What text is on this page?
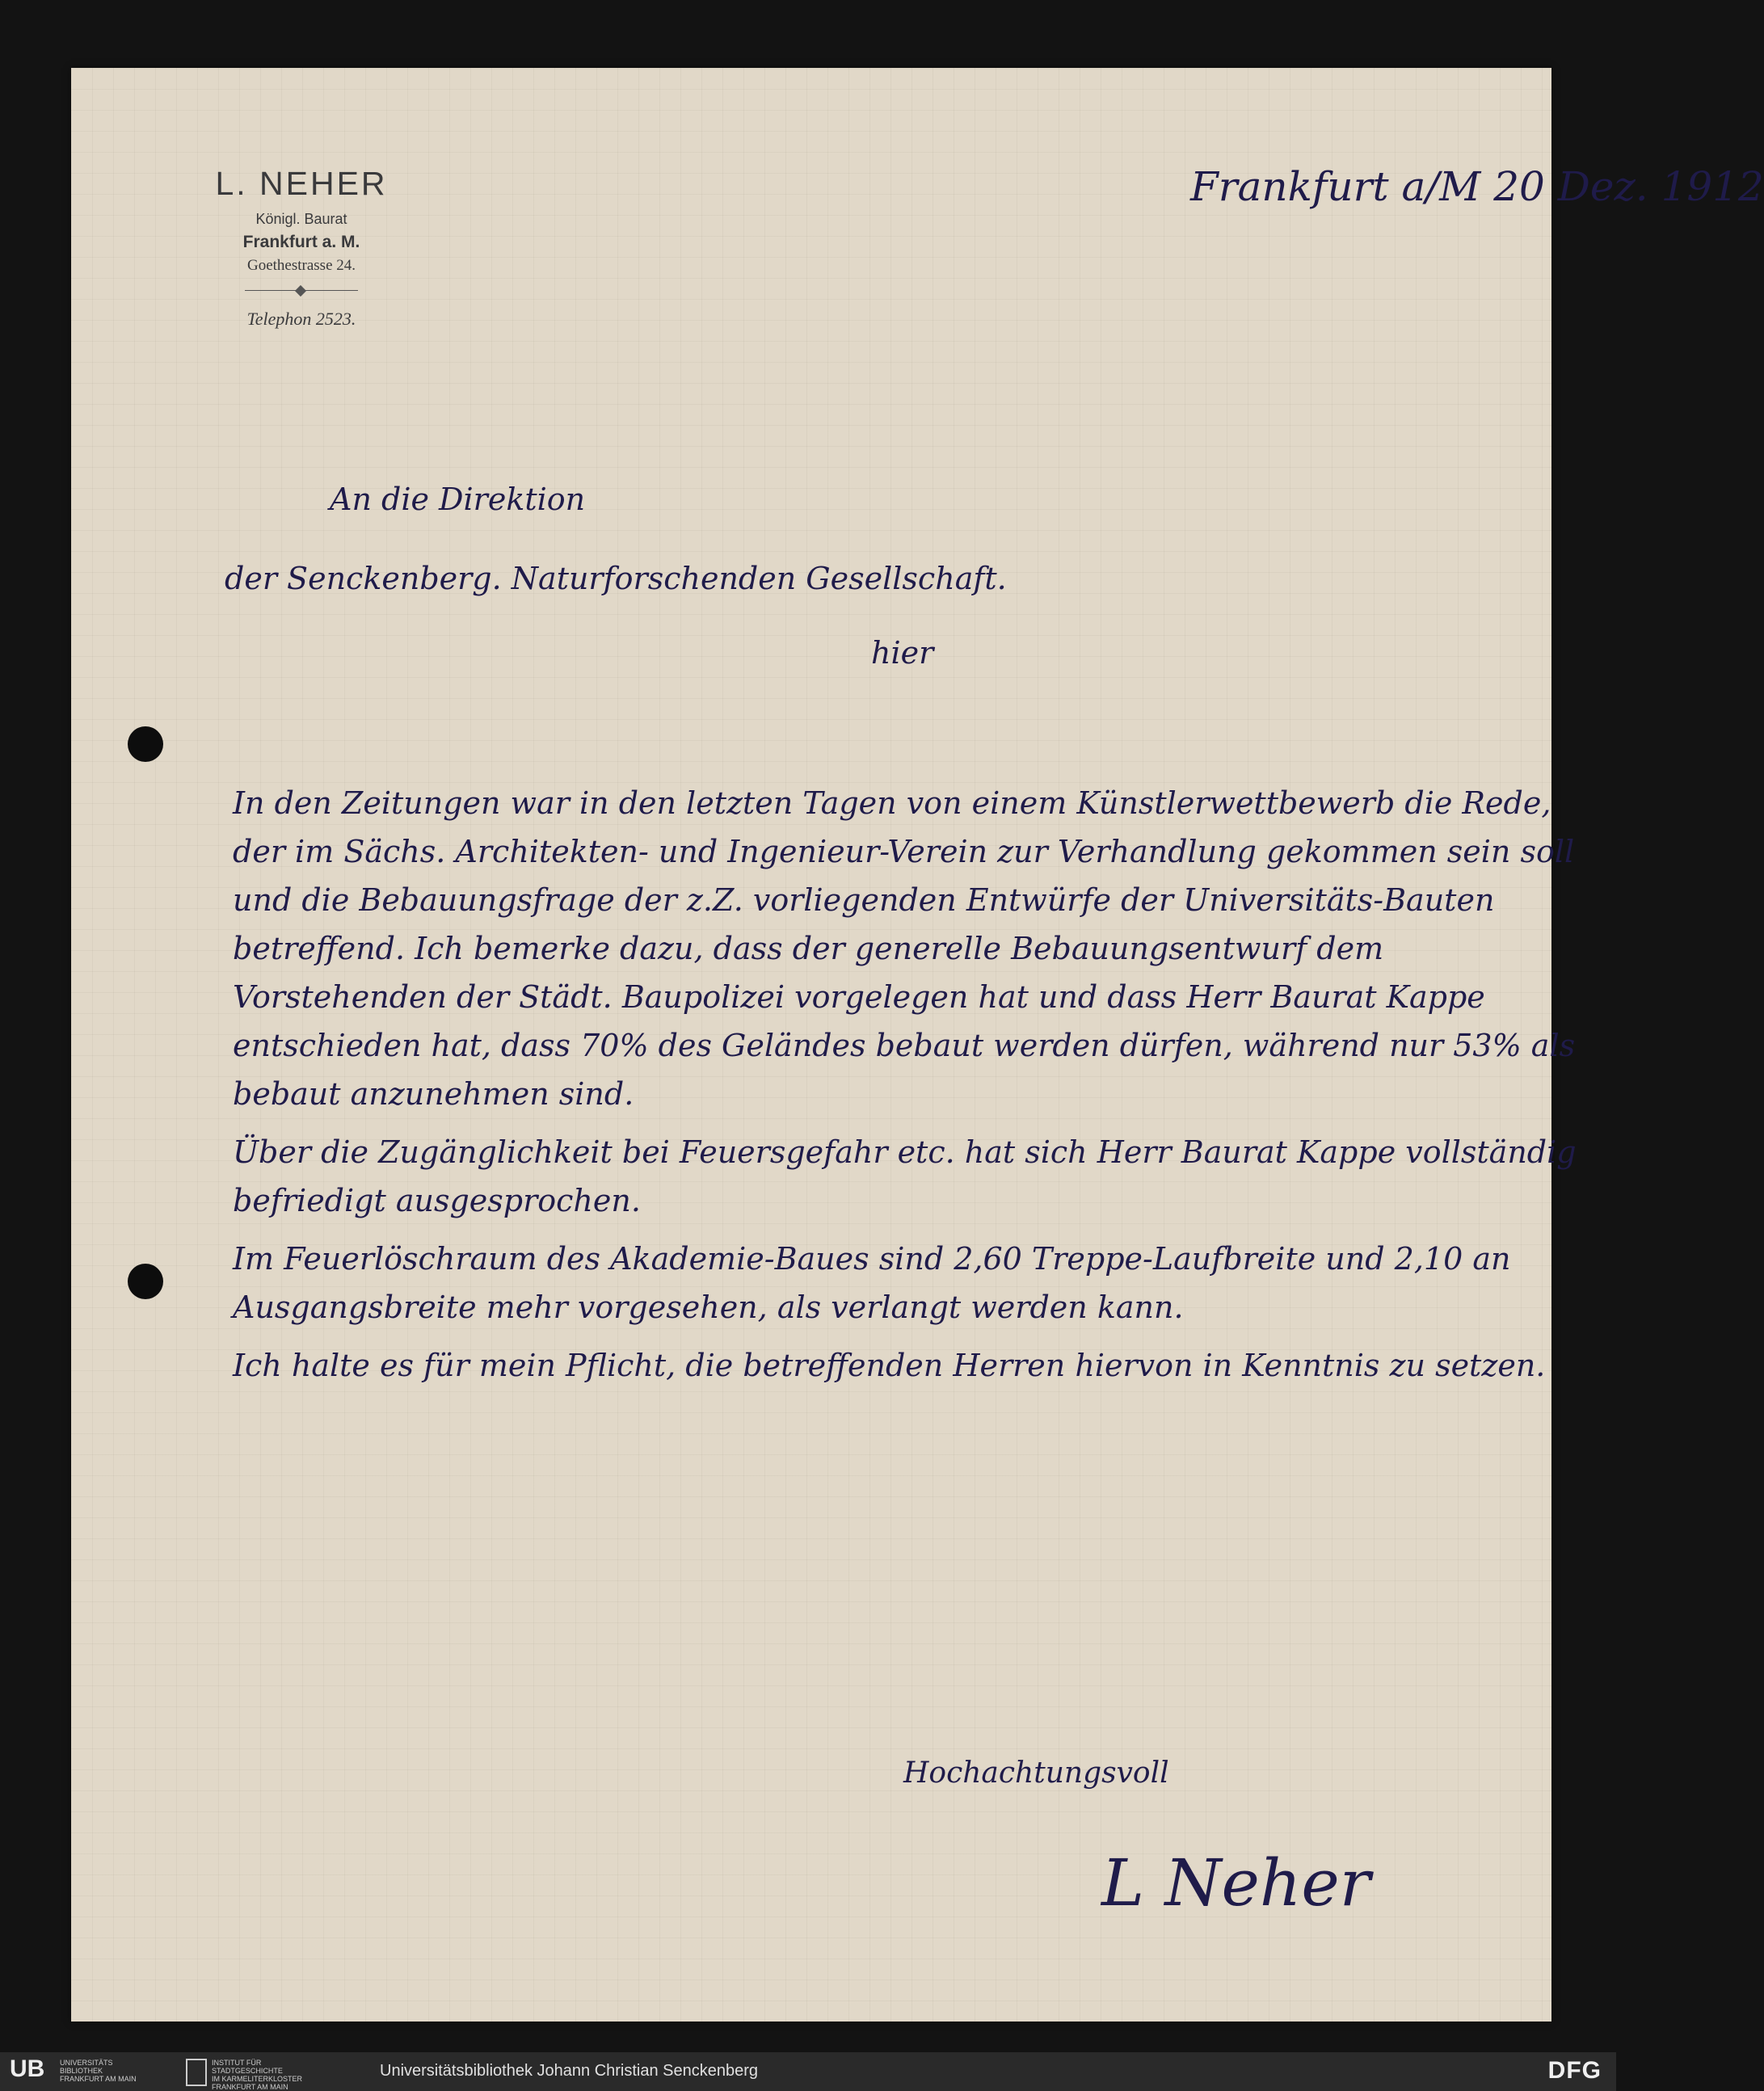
L. NEHER
Königl. Baurat
Frankfurt a. M.
Goethestrasse 24.
Telephon 2523.
Frankfurt a/M 20 Dez. 1912
An die Direktion
der Senckenberg. Naturforschenden Gesellschaft.
hier

In den Zeitungen war in den letzten Tagen von einem Künstlerwettbewerb die Rede, der im Sächs. Architekten- und Ingenieur-Verein zur Verhandlung gekommen sein soll und die Bebauungsfrage der z.Z. vorliegenden Entwürfe der Universitäts-Bauten betreffend. Ich bemerke dazu, dass der generelle Bebauungsentwurf dem Vorstehenden der Städt. Baupolizei vorgelegen hat und dass Herr Baurat Kappe entschieden hat, dass 70% des Geländes bebaut werden dürfen, während nur 53% als bebaut anzunehmen sind.

Über die Zugänglichkeit bei Feuersgefahr etc. hat sich Herr Baurat Kappe vollständig befriedigt ausgesprochen.

Im Feuerlöschraum des Akademie-Baues sind 2,60 Treppe-Laufbreite und 2,10 an Ausgangsbreite mehr vorgesehen, als verlangt werden kann.

Ich halte es für mein Pflicht, die betreffenden Herren hiervon in Kenntnis zu setzen.

Hochachtungsvoll
L Neher
UB UNIVERSITÄTS
BIBLIOTHEK
FRANKFURT AM MAIN
INSTITUT FÜR
STADTGESCHICHTE
IM KARMELITERKLOSTER
FRANKFURT AM MAIN
Universitätsbibliothek Johann Christian Senckenberg	DFG
